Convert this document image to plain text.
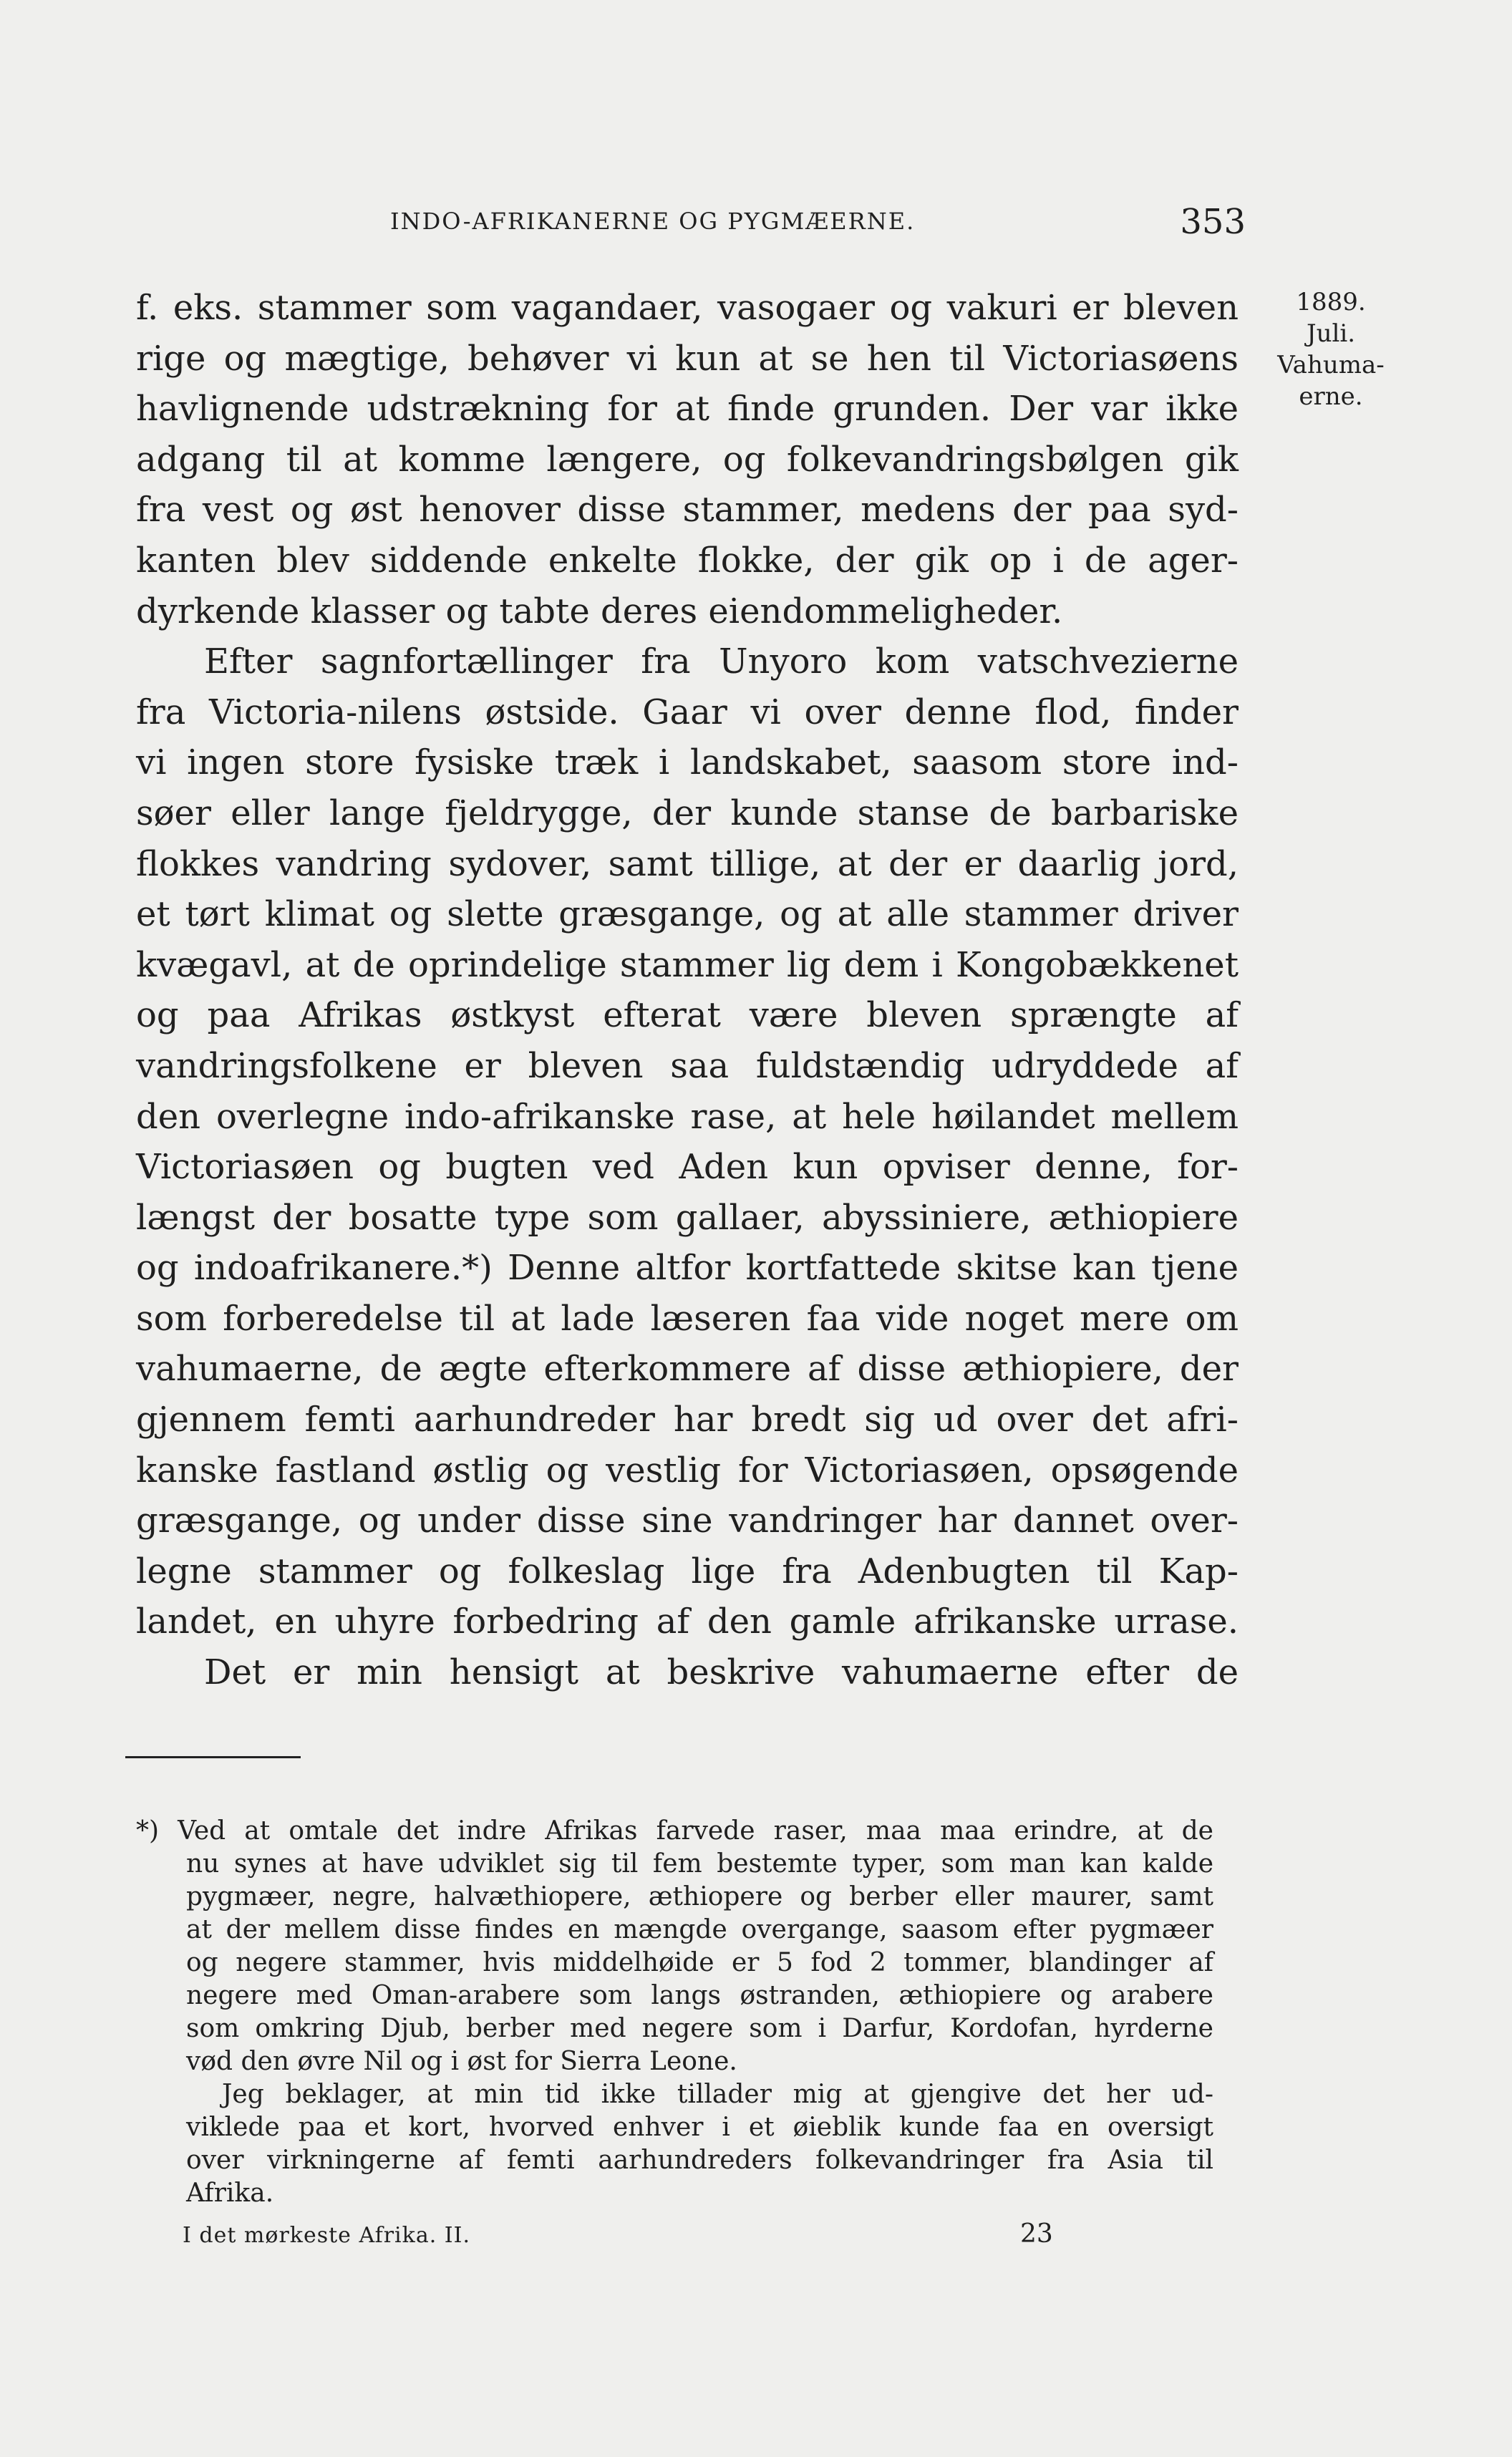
INDO-AFRIKANERNE OG PYGMÆERNE.	353
1889.
Juli.
Vahuma-
erne.
f. eks. stammer som vagandaer, vasogaer og vakuri er bleven
rige og mægtige, behøver vi kun at se hen til Victoriasøens
havlignende udstrækning for at finde grunden. Der var ikke
adgang til at komme længere, og folkevandringsbølgen gik
fra vest og øst henover disse stammer, medens der paa syd-
kanten blev siddende enkelte flokke, der gik op i de ager-
dyrkende klasser og tabte deres eiendommeligheder.
Efter sagnfortællinger fra Unyoro kom vatschvezierne
fra Victoria-nilens østside. Gaar vi over denne flod, finder
vi ingen store fysiske træk i landskabet, saasom store ind-
søer eller lange fjeldrygge, der kunde stanse de barbariske
flokkes vandring sydover, samt tillige, at der er daarlig jord,
et tørt klimat og slette græsgange, og at alle stammer driver
kvægavl, at de oprindelige stammer lig dem i Kongobækkenet
og paa Afrikas østkyst efterat være bleven sprængte af
vandringsfolkene er bleven saa fuldstændig udryddede af
den overlegne indo-afrikanske rase, at hele høilandet mellem
Victoriasøen og bugten ved Aden kun opviser denne, for-
længst der bosatte type som gallaer, abyssiniere, æthiopiere
og indoafrikanere.*) Denne altfor kortfattede skitse kan tjene
som forberedelse til at lade læseren faa vide noget mere om
vahumaerne, de ægte efterkommere af disse æthiopiere, der
gjennem femti aarhundreder har bredt sig ud over det afri-
kanske fastland østlig og vestlig for Victoriasøen, opsøgende
græsgange, og under disse sine vandringer har dannet over-
legne stammer og folkeslag lige fra Adenbugten til Kap-
landet, en uhyre forbedring af den gamle afrikanske urrase.
Det er min hensigt at beskrive vahumaerne efter de
*) Ved at omtale det indre Afrikas farvede raser, maa maa erindre, at de
nu synes at have udviklet sig til fem bestemte typer, som man kan kalde
pygmæer, negre, halvæthiopere, æthiopere og berber eller maurer, samt
at der mellem disse findes en mængde overgange, saasom efter pygmæer
og negere stammer, hvis middelhøide er 5 fod 2 tommer, blandinger af
negere med Oman-arabere som langs østranden, æthiopiere og arabere
som omkring Djub, berber med negere som i Darfur, Kordofan, hyrderne
vød den øvre Nil og i øst for Sierra Leone.
Jeg beklager, at min tid ikke tillader mig at gjengive det her ud-
viklede paa et kort, hvorved enhver i et øieblik kunde faa en oversigt
over virkningerne af femti aarhundreders folkevandringer fra Asia til
Afrika.
I det mørkeste Afrika. II.	23
